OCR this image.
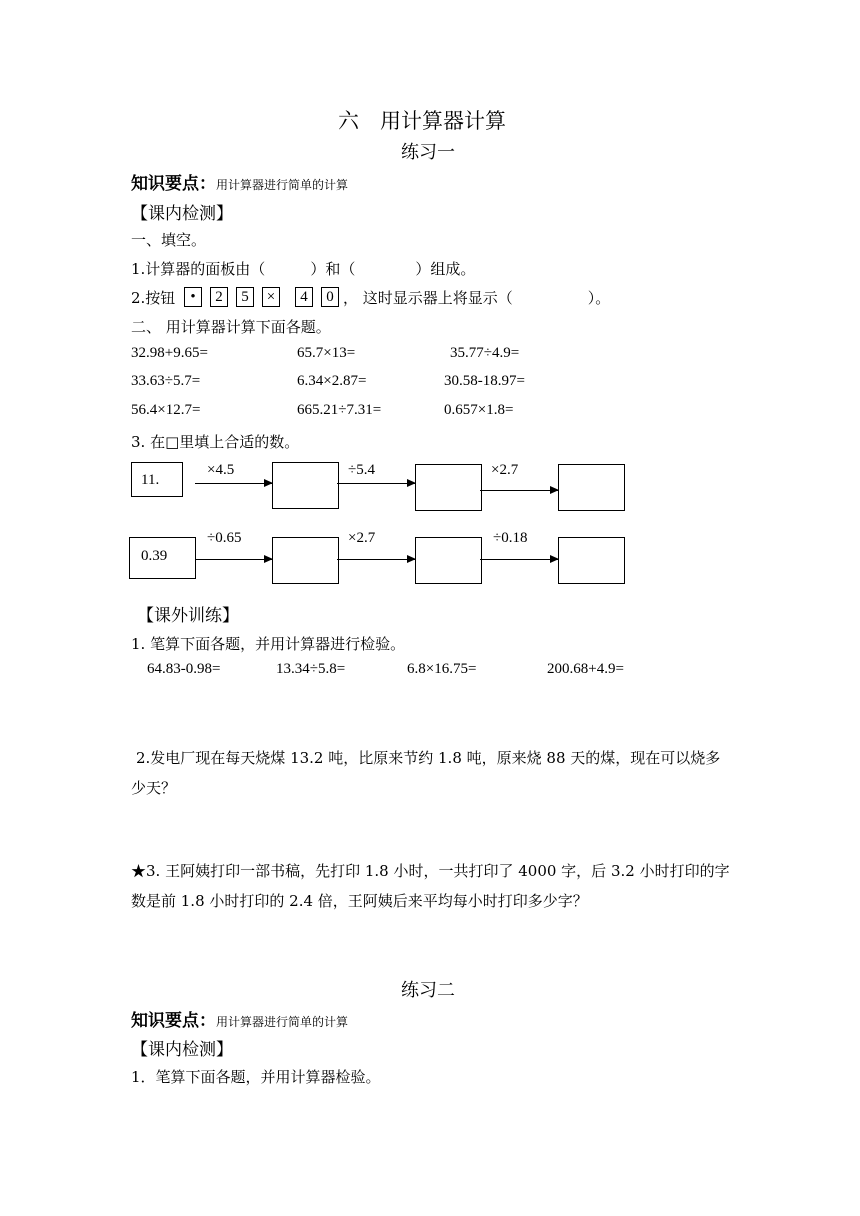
六　用计算器计算
练习一
知识要点：用计算器进行简单的计算
【课内检测】
一、填空。
1.计算器的面板由（　　　）和（　　　　）组成。
2.按钮	•	2	5	×	4	0 ， 这时显示器上将显示（　　　　　）。
二、 用计算器计算下面各题。
32.98+9.65=	65.7×13=	35.77÷4.9=
33.63÷5.7=	6.34×2.87=	30.58-18.97=
56.4×12.7=	665.21÷7.31=	0.657×1.8=
3. 在□里填上合适的数。
11.
×4.5	÷5.4	×2.7
0.39
÷0.65	×2.7	÷0.18
【课外训练】
1. 笔算下面各题，并用计算器进行检验。
64.83-0.98=	13.34÷5.8=	6.8×16.75=	200.68+4.9=
2.发电厂现在每天烧煤 13.2 吨，比原来节约 1.8 吨，原来烧 88 天的煤，现在可以烧多少天？
★3. 王阿姨打印一部书稿，先打印 1.8 小时，一共打印了 4000 字，后 3.2 小时打印的字数是前 1.8 小时打印的 2.4 倍，王阿姨后来平均每小时打印多少字？
练习二
知识要点：用计算器进行简单的计算
【课内检测】
1．笔算下面各题，并用计算器检验。
